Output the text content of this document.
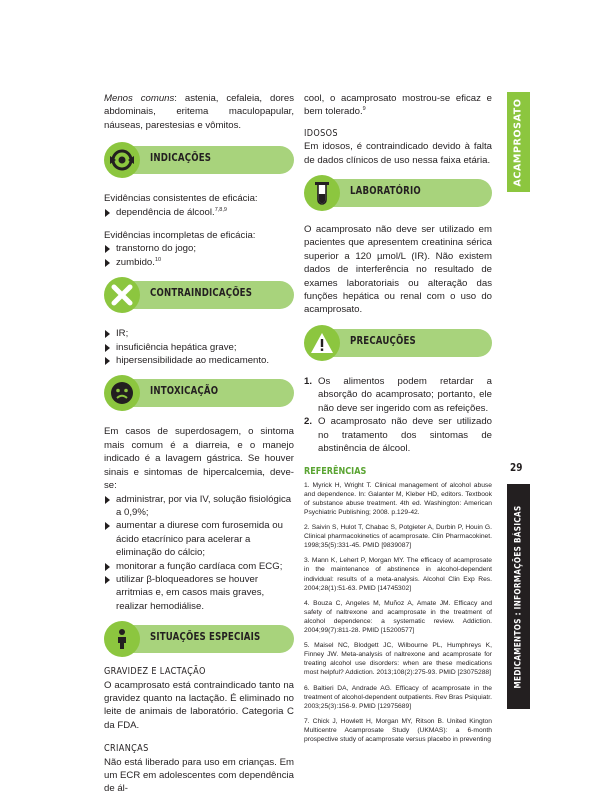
Menos comuns: astenia, cefaleia, dores abdominais, eritema maculopapular, náuseas, parestesias e vômitos.

INDICAÇÕES

Evidências consistentes de eficácia:

dependência de álcool.$^{7,8,9}$

Evidências incompletas de eficácia:

transtorno do jogo;
zumbido.$^{10}$
CONTRAINDICAÇÕES
IR;
insuficiência hepática grave;
hipersensibilidade ao medicamento.
INTOXICAÇÃO

Em casos de superdosagem, o sintoma mais comum é a diarreia, e o manejo indicado é a lavagem gástrica. Se houver sinais e sintomas de hipercalcemia, deve-se:

administrar, por via IV, solução fisiológica a 0,9%;
aumentar a diurese com furosemida ou ácido etacrínico para acelerar a eliminação do cálcio;
monitorar a função cardíaca com ECG;
utilizar β-bloqueadores se houver arritmias e, em casos mais graves, realizar hemodiálise.
SITUAÇÕES ESPECIAIS
GRAVIDEZ E LACTAÇÃO

O acamprosato está contraindicado tanto na gravidez quanto na lactação. É eliminado no leite de animais de laboratório. Categoria C da FDA.

CRIANÇAS

Não está liberado para uso em crianças. Em um ECR em adolescentes com dependência de ál-

cool, o acamprosato mostrou-se eficaz e bem tolerado.$^9$

IDOSOS

Em idosos, é contraindicado devido à falta de dados clínicos de uso nessa faixa etária.

LABORATÓRIO

O acamprosato não deve ser utilizado em pacientes que apresentem creatinina sérica superior a 120 µmol/L (IR). Não existem dados de interferência no resultado de exames laboratoriais ou alteração das funções hepática ou renal com o uso do acamprosato.

PRECAUÇÕES
1. Os alimentos podem retardar a absorção do acamprosato; portanto, ele não deve ser ingerido com as refeições.
2. O acamprosato não deve ser utilizado no tratamento dos sintomas de abstinência de álcool.
REFERÊNCIAS
1. Myrick H, Wright T. Clinical management of alcohol abuse and dependence. In: Galanter M, Kleber HD, editors. Textbook of substance abuse treatment. 4th ed. Washington: American Psychiatric Publishing; 2008. p.129-42.
2. Saivin S, Hulot T, Chabac S, Potgieter A, Durbin P, Houin G. Clinical pharmacokinetics of acamprosate. Clin Pharmacokinet. 1998;35(5):331-45. PMID [9839087]
3. Mann K, Lehert P, Morgan MY. The efficacy of acamprosate in the maintenance of abstinence in alcohol-dependent individual: results of a meta-analysis. Alcohol Clin Exp Res. 2004;28(1):51-63. PMID [14745302]
4. Bouza C, Angeles M, Muñoz A, Amate JM. Efficacy and safety of naltrexone and acamprosate in the treatment of alcohol dependence: a systematic review. Addiction. 2004;99(7):811-28. PMID [15200577]
5. Maisel NC, Blodgett JC, Wilbourne PL, Humphreys K, Finney JW. Meta-analysis of naltrexone and acamprosate for treating alcohol use disorders: when are these medications most helpful? Addiction. 2013;108(2):275-93. PMID [23075288]
6. Baltieri DA, Andrade AG. Efficacy of acamprosate in the treatment of alcohol-dependent outpatients. Rev Bras Psiquiatr. 2003;25(3):156-9. PMID [12975689]
7. Chick J, Howlett H, Morgan MY, Ritson B. United Kington Multicentre Acamprosate Study (UKMAS): a 6-month prospective study of acamprosate versus placebo in preventing
ACAMPROSATO
29
MEDICAMENTOS : INFORMAÇÕES BÁSICAS
